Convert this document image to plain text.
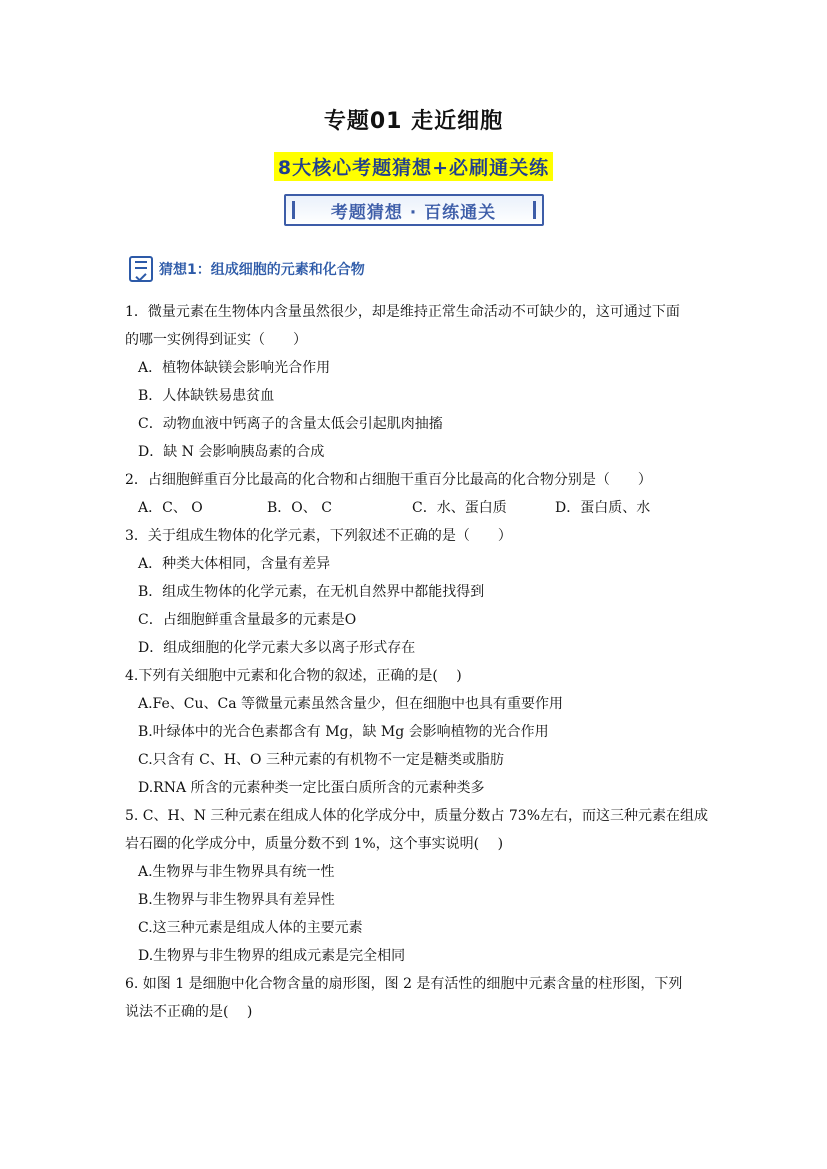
专题01 走近细胞
8大核心考题猜想+必刷通关练
考题猜想 · 百练通关
猜想1：组成细胞的元素和化合物
1．微量元素在生物体内含量虽然很少，却是维持正常生命活动不可缺少的，这可通过下面
的哪一实例得到证实（　　）
A．植物体缺镁会影响光合作用
B．人体缺铁易患贫血
C．动物血液中钙离子的含量太低会引起肌肉抽搐
D．缺 N 会影响胰岛素的合成
2．占细胞鲜重百分比最高的化合物和占细胞干重百分比最高的化合物分别是（　　）
A．C、 O	B．O、 C	C．水、蛋白质	D．蛋白质、水
3．关于组成生物体的化学元素，下列叙述不正确的是（　　）
A．种类大体相同，含量有差异
B．组成生物体的化学元素，在无机自然界中都能找得到
C．占细胞鲜重含量最多的元素是O
D．组成细胞的化学元素大多以离子形式存在
4.下列有关细胞中元素和化合物的叙述，正确的是(　 )
A.Fe、Cu、Ca 等微量元素虽然含量少，但在细胞中也具有重要作用
B.叶绿体中的光合色素都含有 Mg，缺 Mg 会影响植物的光合作用
C.只含有 C、H、O 三种元素的有机物不一定是糖类或脂肪
D.RNA 所含的元素种类一定比蛋白质所含的元素种类多
5. C、H、N 三种元素在组成人体的化学成分中，质量分数占 73%左右，而这三种元素在组成
岩石圈的化学成分中，质量分数不到 1%，这个事实说明(　 )
A.生物界与非生物界具有统一性
B.生物界与非生物界具有差异性
C.这三种元素是组成人体的主要元素
D.生物界与非生物界的组成元素是完全相同
6. 如图 1 是细胞中化合物含量的扇形图，图 2 是有活性的细胞中元素含量的柱形图，下列
说法不正确的是(　 )
